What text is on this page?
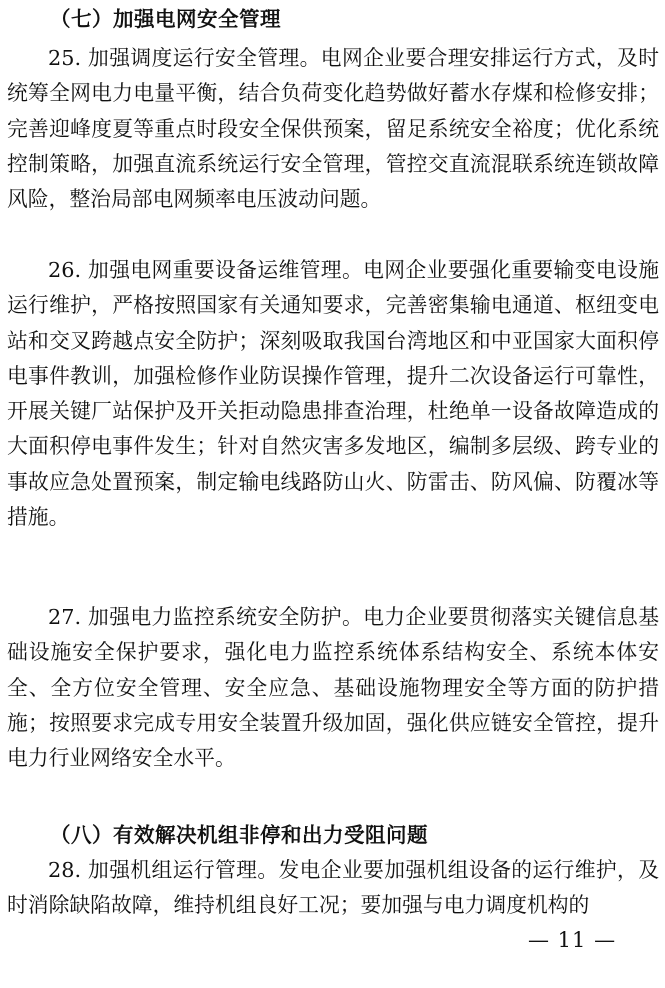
（七）加强电网安全管理

25. 加强调度运行安全管理。电网企业要合理安排运行方式，及时统筹全网电力电量平衡，结合负荷变化趋势做好蓄水存煤和检修安排；完善迎峰度夏等重点时段安全保供预案，留足系统安全裕度；优化系统控制策略，加强直流系统运行安全管理，管控交直流混联系统连锁故障风险，整治局部电网频率电压波动问题。

26. 加强电网重要设备运维管理。电网企业要强化重要输变电设施运行维护，严格按照国家有关通知要求，完善密集输电通道、枢纽变电站和交叉跨越点安全防护；深刻吸取我国台湾地区和中亚国家大面积停电事件教训，加强检修作业防误操作管理，提升二次设备运行可靠性，开展关键厂站保护及开关拒动隐患排查治理，杜绝单一设备故障造成的大面积停电事件发生；针对自然灾害多发地区，编制多层级、跨专业的事故应急处置预案，制定输电线路防山火、防雷击、防风偏、防覆冰等措施。

27. 加强电力监控系统安全防护。电力企业要贯彻落实关键信息基础设施安全保护要求，强化电力监控系统体系结构安全、系统本体安全、全方位安全管理、安全应急、基础设施物理安全等方面的防护措施；按照要求完成专用安全装置升级加固，强化供应链安全管控，提升电力行业网络安全水平。

（八）有效解决机组非停和出力受阻问题

28. 加强机组运行管理。发电企业要加强机组设备的运行维护，及时消除缺陷故障，维持机组良好工况；要加强与电力调度机构的

— 11 —
